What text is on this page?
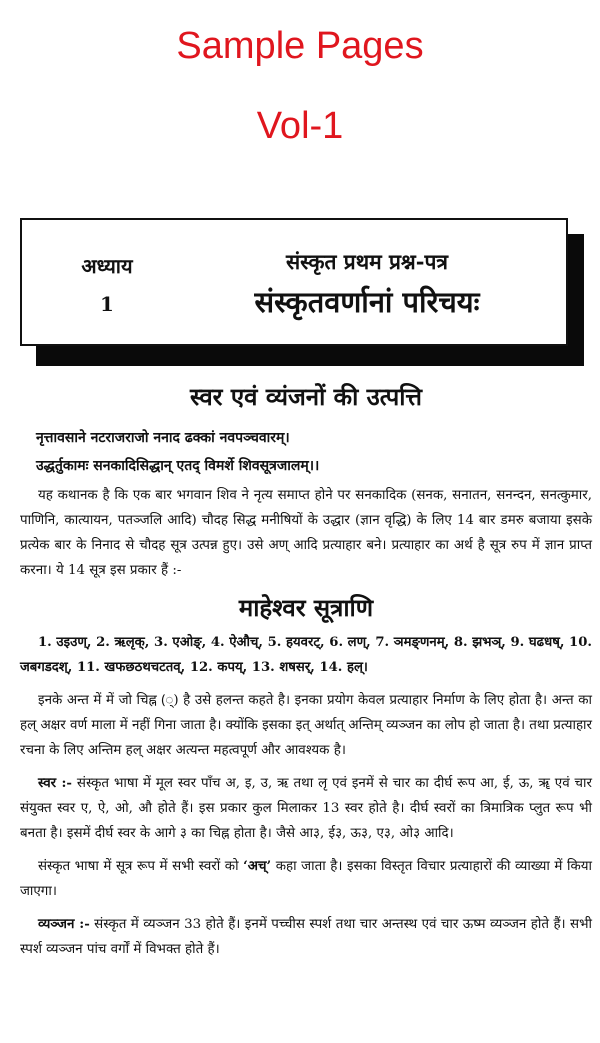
Sample Pages
Vol-1
अध्याय
1
संस्कृत प्रथम प्रश्न-पत्र
संस्कृतवर्णानां परिचयः
स्वर एवं व्यंजनों की उत्पत्ति
नृत्तावसाने नटराजराजो ननाद ढक्कां नवपञ्चवारम्।
उद्धर्तुकामः सनकादिसिद्धान् एतद् विमर्शे शिवसूत्रजालम्।।

यह कथानक है कि एक बार भगवान शिव ने नृत्य समाप्त होने पर सनकादिक (सनक, सनातन, सनन्दन, सनत्कुमार, पाणिनि, कात्यायन, पतञ्जलि आदि) चौदह सिद्ध मनीषियों के उद्धार (ज्ञान वृद्धि) के लिए 14 बार डमरु बजाया इसके प्रत्येक बार के निनाद से चौदह सूत्र उत्पन्न हुए। उसे अण् आदि प्रत्याहार बने। प्रत्याहार का अर्थ है सूत्र रुप में ज्ञान प्राप्त करना। ये 14 सूत्र इस प्रकार हैं :-

माहेश्वर सूत्राणि

1. उइउण्, 2. ऋलृक्, 3. एओङ्, 4. ऐऔच्, 5. हयवरट्, 6. लण्, 7. ञमङ्णनम्, 8. झभञ्, 9. घढधष्, 10. जबगडदश्, 11. खफछठथचटतव्, 12. कपय्, 13. शषसर्, 14. हल्।

इनके अन्त में में जो चिह्न (्) है उसे हलन्त कहते है। इनका प्रयोग केवल प्रत्याहार निर्माण के लिए होता है। अन्त का हल् अक्षर वर्ण माला में नहीं गिना जाता है। क्योंकि इसका इत् अर्थात् अन्तिम् व्यञ्जन का लोप हो जाता है। तथा प्रत्याहार रचना के लिए अन्तिम हल् अक्षर अत्यन्त महत्वपूर्ण और आवश्यक है।

स्वर :- संस्कृत भाषा में मूल स्वर पाँच अ, इ, उ, ऋ तथा लृ एवं इनमें से चार का दीर्घ रूप आ, ई, ऊ, ॠ एवं चार संयुक्त स्वर ए, ऐ, ओ, औ होते हैं। इस प्रकार कुल मिलाकर 13 स्वर होते है। दीर्घ स्वरों का त्रिमात्रिक प्लुत रूप भी बनता है। इसमें दीर्घ स्वर के आगे ३ का चिह्न होता है। जैसे आ३, ई३, ऊ३, ए३, ओ३ आदि।

संस्कृत भाषा में सूत्र रूप में सभी स्वरों को ‘अच्’ कहा जाता है। इसका विस्तृत विचार प्रत्याहारों की व्याख्या में किया जाएगा।

व्यञ्जन :- संस्कृत में व्यञ्जन 33 होते हैं। इनमें पच्चीस स्पर्श तथा चार अन्तस्थ एवं चार ऊष्म व्यञ्जन होते हैं। सभी स्पर्श व्यञ्जन पांच वर्गों में विभक्त होते हैं।
